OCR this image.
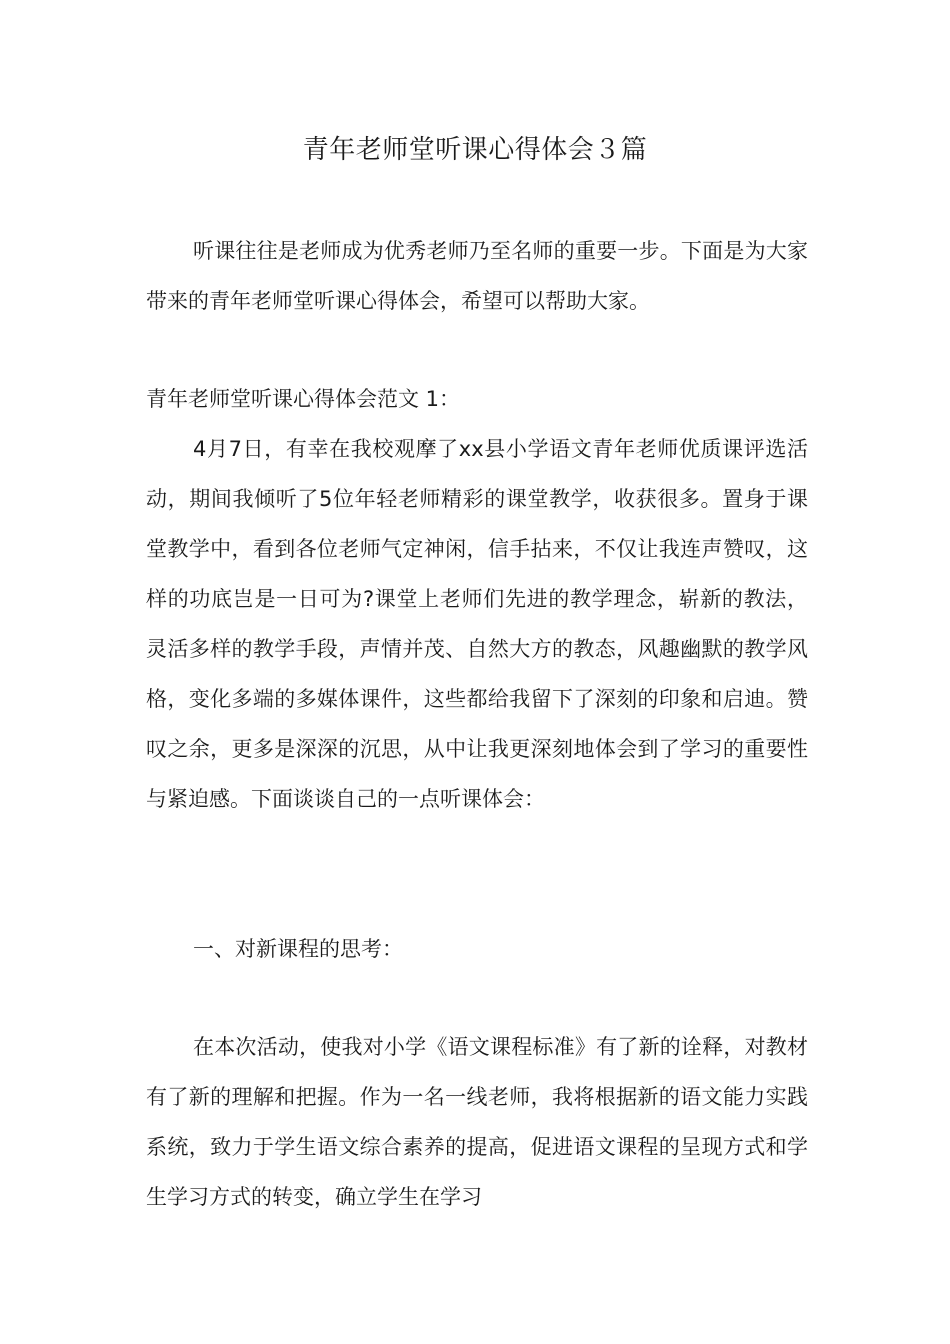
青年老师堂听课心得体会３篇

听课往往是老师成为优秀老师乃至名师的重要一步。下面是为大家带来的青年老师堂听课心得体会，希望可以帮助大家。

青年老师堂听课心得体会范文 1：

4月7日，有幸在我校观摩了xx县小学语文青年老师优质课评选活动，期间我倾听了5位年轻老师精彩的课堂教学，收获很多。置身于课堂教学中，看到各位老师气定神闲，信手拈来，不仅让我连声赞叹，这样的功底岂是一日可为?课堂上老师们先进的教学理念，崭新的教法，灵活多样的教学手段，声情并茂、自然大方的教态，风趣幽默的教学风格，变化多端的多媒体课件，这些都给我留下了深刻的印象和启迪。赞叹之余，更多是深深的沉思，从中让我更深刻地体会到了学习的重要性与紧迫感。下面谈谈自己的一点听课体会：

一、对新课程的思考：

在本次活动，使我对小学《语文课程标准》有了新的诠释，对教材有了新的理解和把握。作为一名一线老师，我将根据新的语文能力实践系统，致力于学生语文综合素养的提高，促进语文课程的呈现方式和学生学习方式的转变，确立学生在学习
